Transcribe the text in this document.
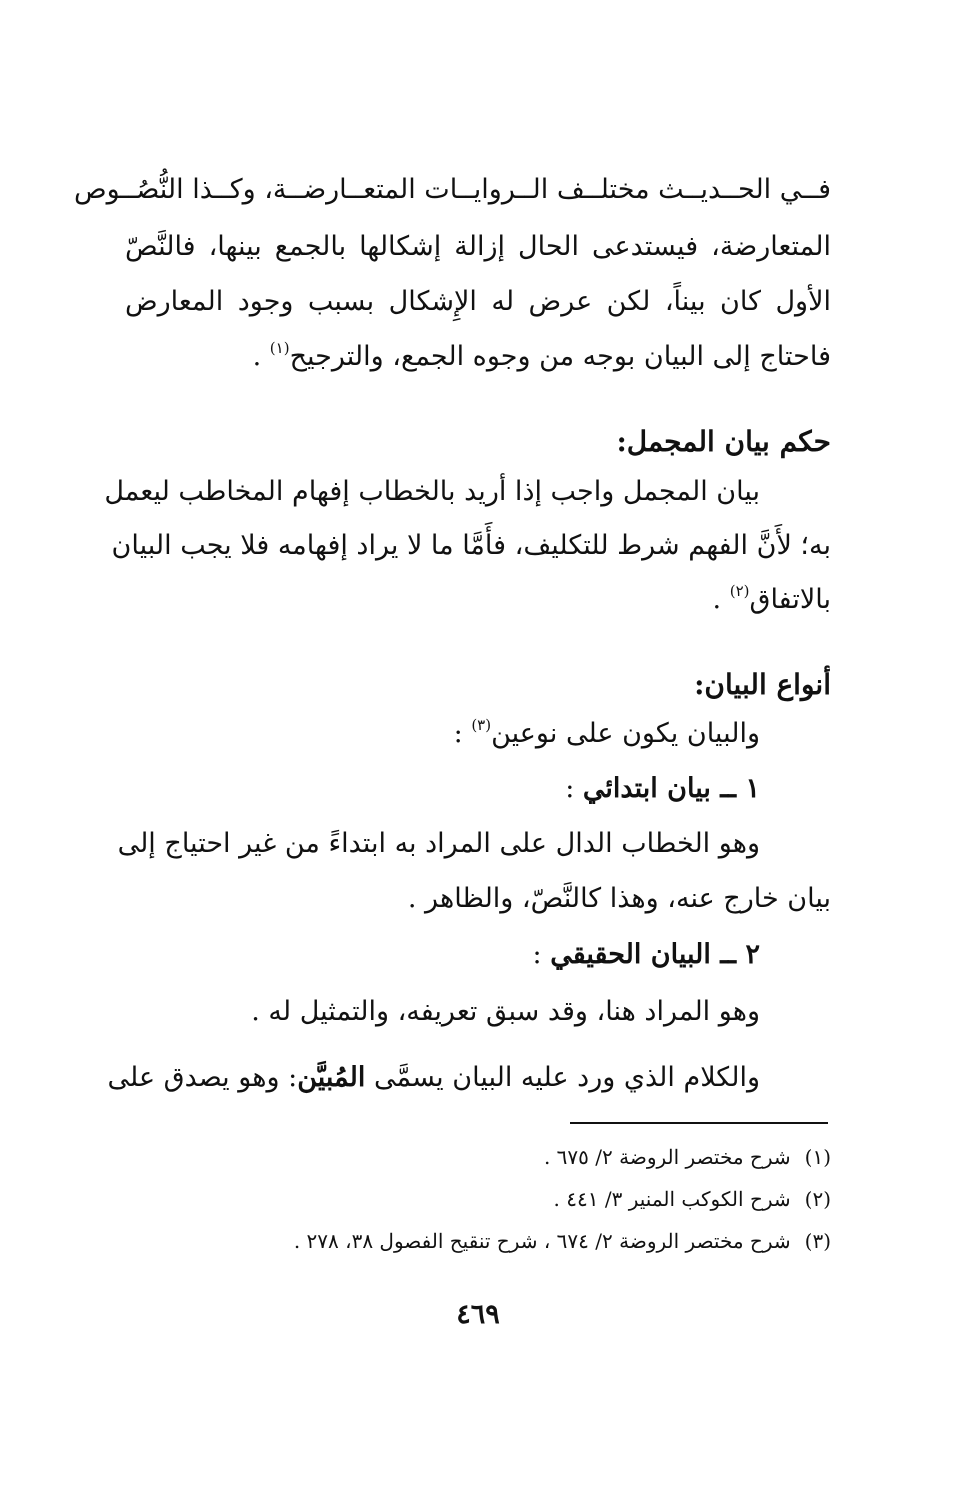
فــي الحــديــث مختلــف الــروايــات المتعــارضــة، وكــذا النُّصُــوص
المتعارضة، فيستدعى الحال إزالة إشكالها بالجمع بينها، فالنَّصّ
الأول كان بيناً، لكن عرض له الإِشكال بسبب وجود المعارض
فاحتاج إلى البيان بوجه من وجوه الجمع، والترجيح$^{(١)}$ .
حكم بيان المجمل:
بيان المجمل واجب إذا أريد بالخطاب إفهام المخاطب ليعمل
به؛ لأَنَّ الفهم شرط للتكليف، فأَمَّا ما لا يراد إفهامه فلا يجب البيان
بالاتفاق$^{(٢)}$ .
أنواع البيان:
والبيان يكون على نوعين$^{(٣)}$ :
١ ــ بيان ابتدائي :
وهو الخطاب الدال على المراد به ابتداءً من غير احتياج إلى
بيان خارج عنه، وهذا كالنَّصّ، والظاهر .
٢ ــ البيان الحقيقي :
وهو المراد هنا، وقد سبق تعريفه، والتمثيل له .
والكلام الذي ورد عليه البيان يسمَّى المُبيَّن: وهو يصدق على
(١) شرح مختصر الروضة ٢/ ٦٧٥ .
(٢) شرح الكوكب المنير ٣/ ٤٤١ .
(٣) شرح مختصر الروضة ٢/ ٦٧٤ ، شرح تنقيح الفصول ٣٨، ٢٧٨ .
٤٦٩
